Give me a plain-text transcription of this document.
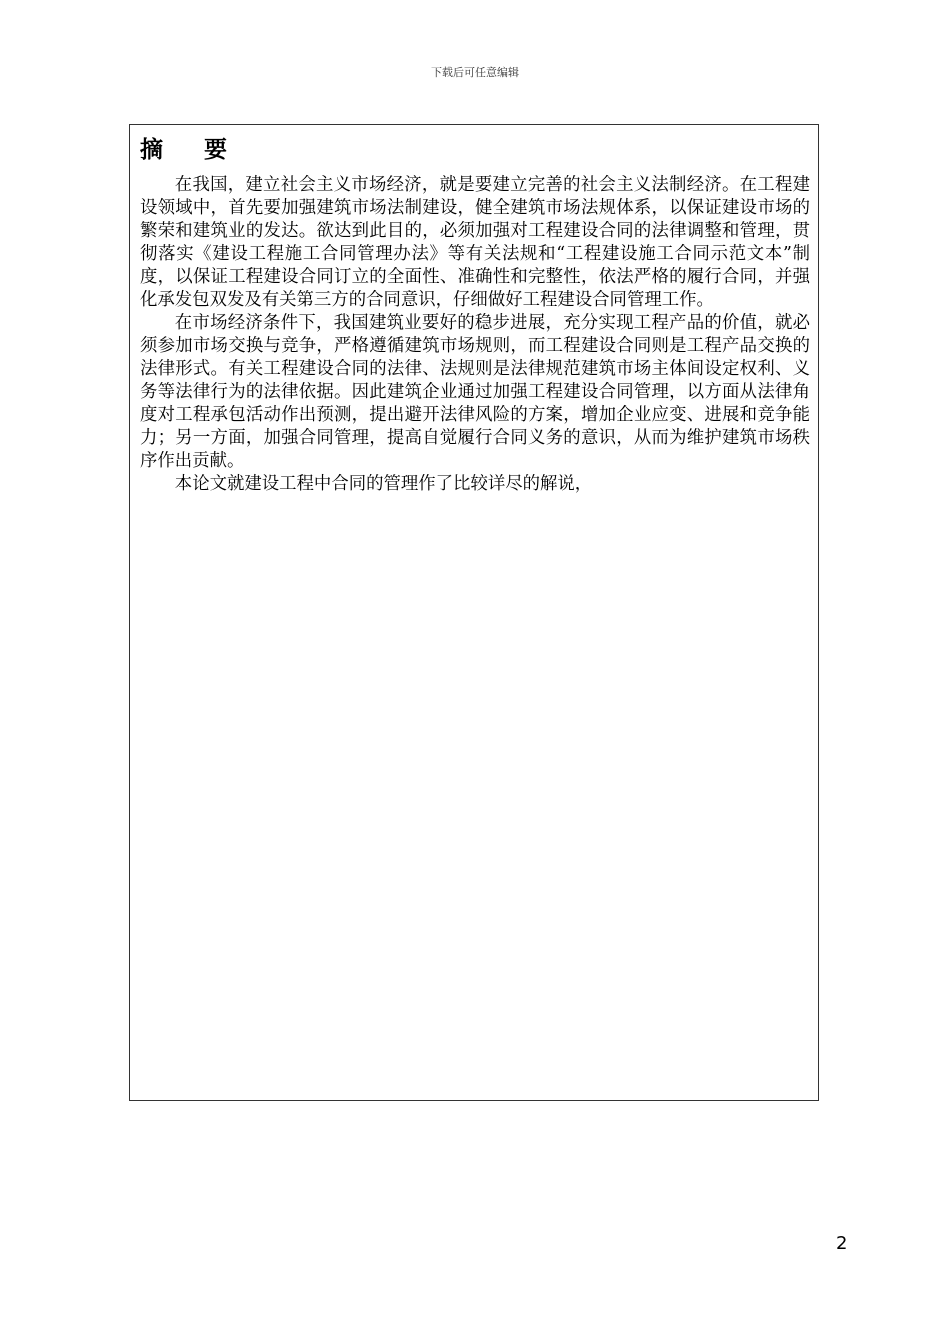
下载后可任意编辑
摘 要

在我国，建立社会主义市场经济，就是要建立完善的社会主义法制经济。在工程建设领域中，首先要加强建筑市场法制建设，健全建筑市场法规体系，以保证建设市场的繁荣和建筑业的发达。欲达到此目的，必须加强对工程建设合同的法律调整和管理，贯彻落实《建设工程施工合同管理办法》等有关法规和“工程建设施工合同示范文本”制度，以保证工程建设合同订立的全面性、准确性和完整性，依法严格的履行合同，并强化承发包双发及有关第三方的合同意识，仔细做好工程建设合同管理工作。

在市场经济条件下，我国建筑业要好的稳步进展，充分实现工程产品的价值，就必须参加市场交换与竞争，严格遵循建筑市场规则，而工程建设合同则是工程产品交换的法律形式。有关工程建设合同的法律、法规则是法律规范建筑市场主体间设定权利、义务等法律行为的法律依据。因此建筑企业通过加强工程建设合同管理，以方面从法律角度对工程承包活动作出预测，提出避开法律风险的方案，增加企业应变、进展和竞争能力；另一方面，加强合同管理，提高自觉履行合同义务的意识，从而为维护建筑市场秩序作出贡献。

本论文就建设工程中合同的管理作了比较详尽的解说，

2
